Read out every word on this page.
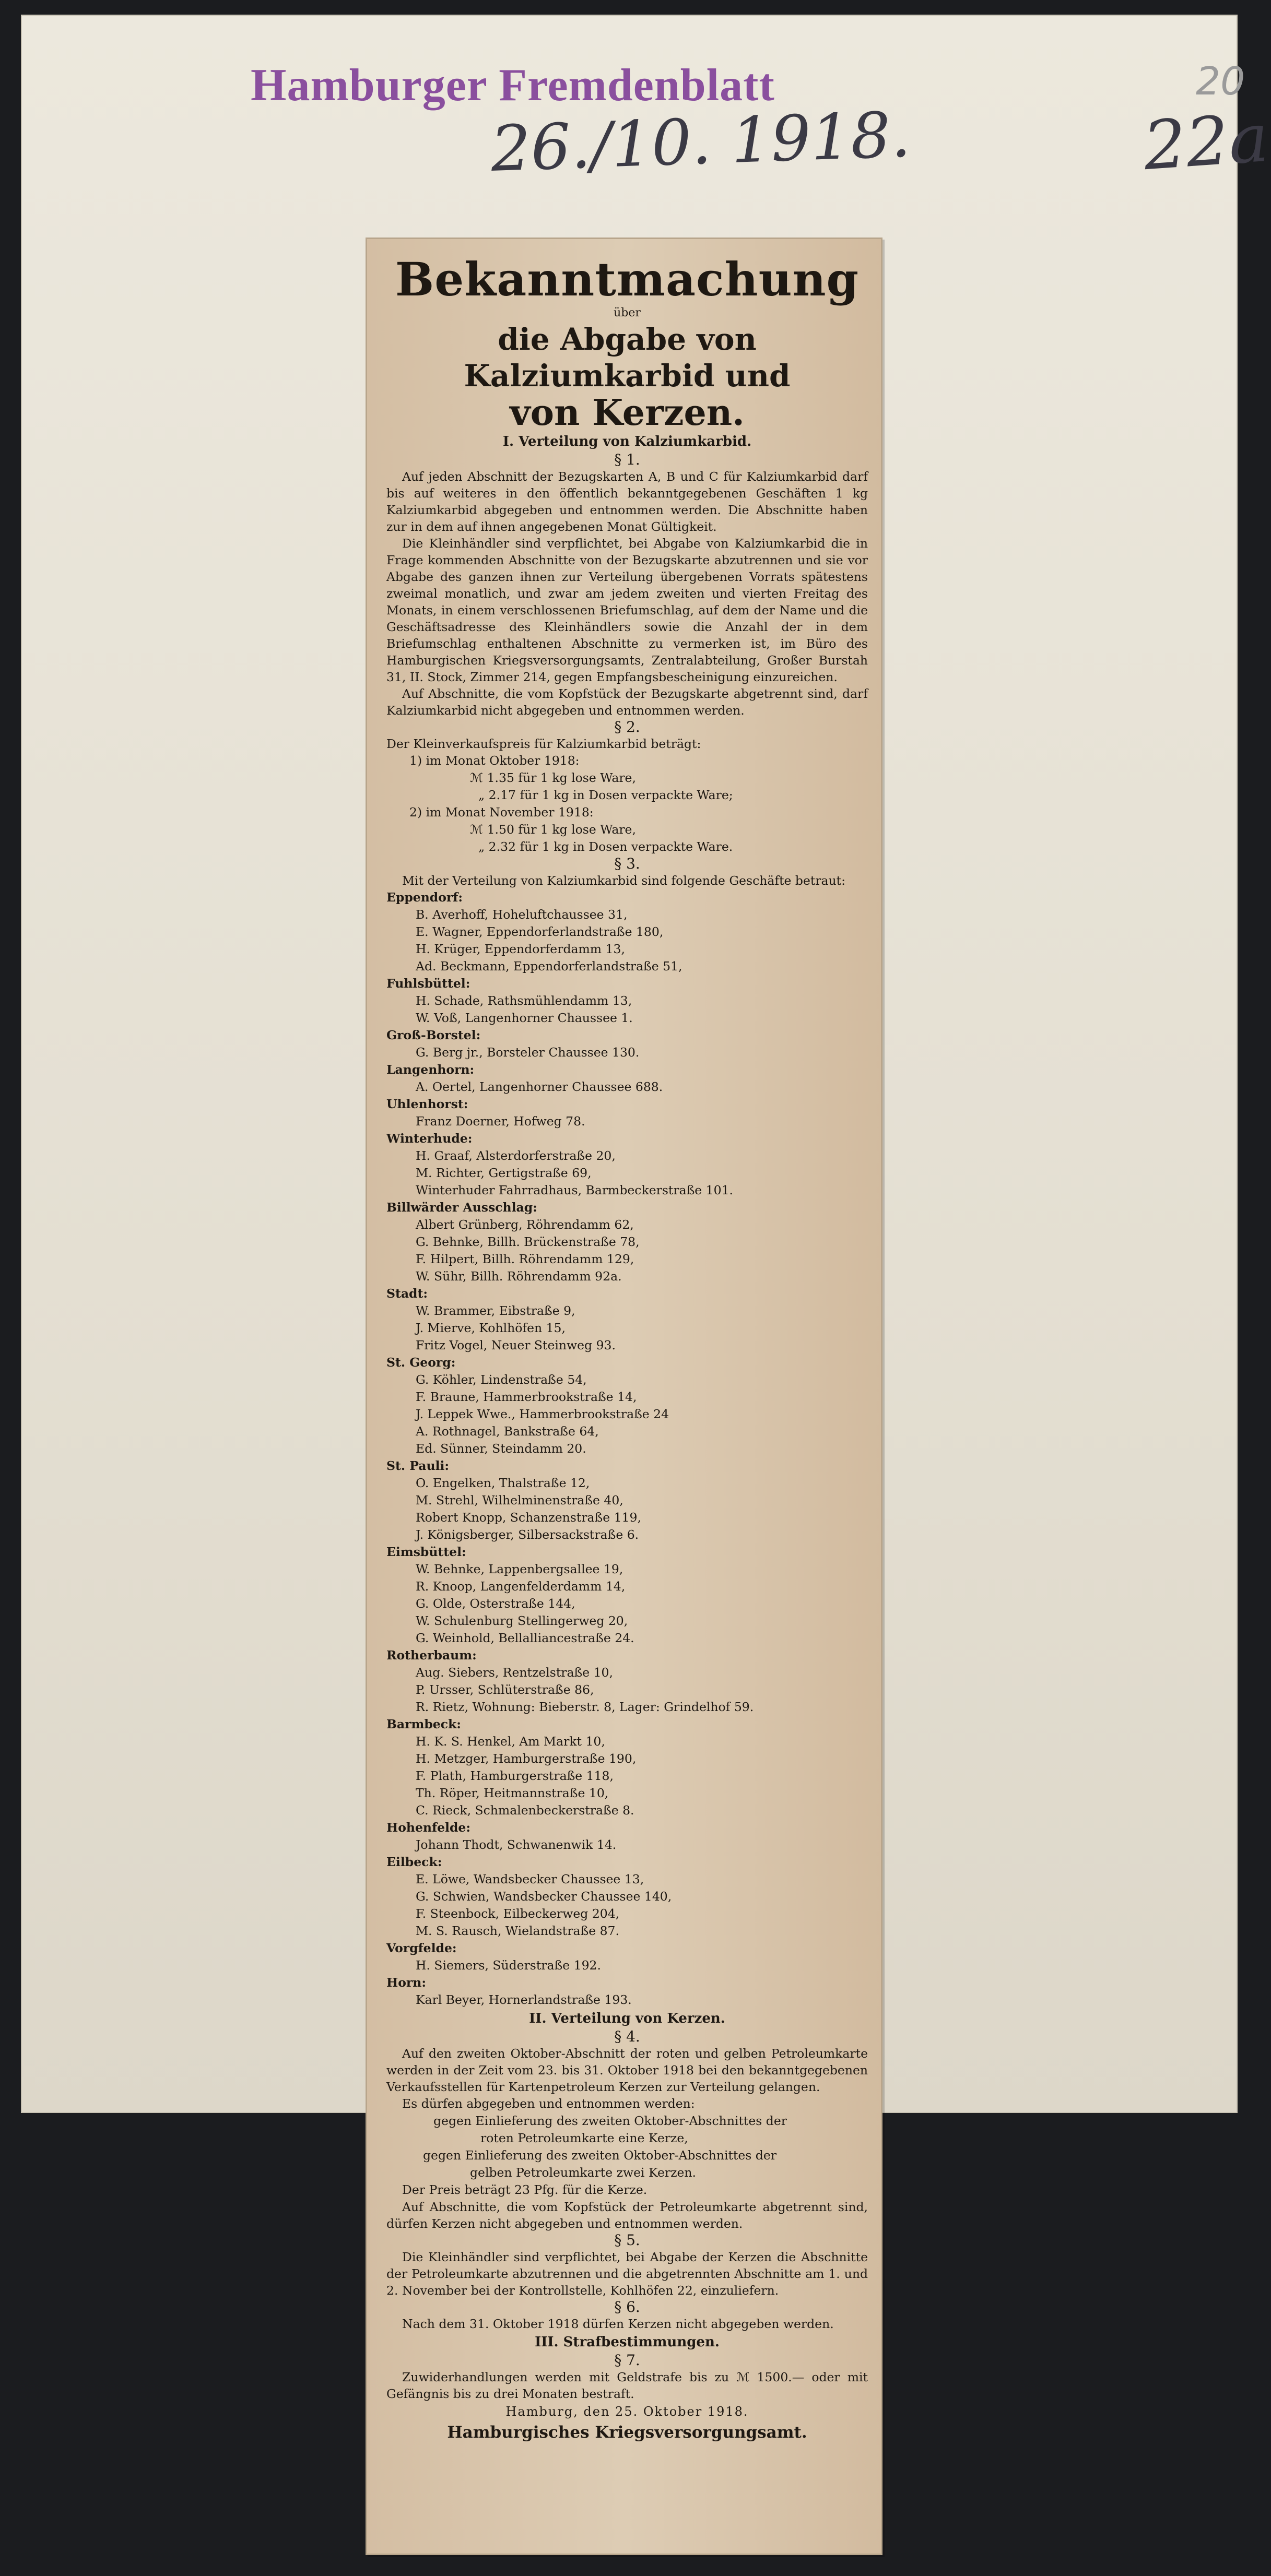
Hamburger Fremdenblatt
26./10. 1918.
20
22a
Bekanntmachung
über
die Abgabe von Kalziumkarbid und
von Kerzen.
I. Verteilung von Kalziumkarbid.
§ 1.

Auf jeden Abschnitt der Bezugskarten A, B und C für Kalziumkarbid darf bis auf weiteres in den öffentlich bekanntgegebenen Geschäften 1 kg Kalziumkarbid abgegeben und entnommen werden. Die Abschnitte haben zur in dem auf ihnen angegebenen Monat Gültigkeit.

Die Kleinhändler sind verpflichtet, bei Abgabe von Kalziumkarbid die in Frage kommenden Abschnitte von der Bezugskarte abzutrennen und sie vor Abgabe des ganzen ihnen zur Verteilung übergebenen Vorrats spätestens zweimal monatlich, und zwar am jedem zweiten und vierten Freitag des Monats, in einem verschlossenen Briefumschlag, auf dem der Name und die Geschäftsadresse des Kleinhändlers sowie die Anzahl der in dem Briefumschlag enthaltenen Abschnitte zu vermerken ist, im Büro des Hamburgischen Kriegsversorgungsamts, Zentralabteilung, Großer Burstah 31, II. Stock, Zimmer 214, gegen Empfangsbescheinigung einzureichen.

Auf Abschnitte, die vom Kopfstück der Bezugskarte abgetrennt sind, darf Kalziumkarbid nicht abgegeben und entnommen werden.

§ 2.

Der Kleinverkaufspreis für Kalziumkarbid beträgt:

1) im Monat Oktober 1918:
ℳ 1.35 für 1 kg lose Ware,
„ 2.17 für 1 kg in Dosen verpackte Ware;
2) im Monat November 1918:
ℳ 1.50 für 1 kg lose Ware,
„ 2.32 für 1 kg in Dosen verpackte Ware.
§ 3.

Mit der Verteilung von Kalziumkarbid sind folgende Geschäfte betraut:

Eppendorf:
B. Averhoff, Hoheluftchaussee 31,
E. Wagner, Eppendorferlandstraße 180,
H. Krüger, Eppendorferdamm 13,
Ad. Beckmann, Eppendorferlandstraße 51,
Fuhlsbüttel:
H. Schade, Rathsmühlendamm 13,
W. Voß, Langenhorner Chaussee 1.
Groß-Borstel:
G. Berg jr., Borsteler Chaussee 130.
Langenhorn:
A. Oertel, Langenhorner Chaussee 688.
Uhlenhorst:
Franz Doerner, Hofweg 78.
Winterhude:
H. Graaf, Alsterdorferstraße 20,
M. Richter, Gertigstraße 69,
Winterhuder Fahrradhaus, Barmbeckerstraße 101.
Billwärder Ausschlag:
Albert Grünberg, Röhrendamm 62,
G. Behnke, Billh. Brückenstraße 78,
F. Hilpert, Billh. Röhrendamm 129,
W. Sühr, Billh. Röhrendamm 92a.
Stadt:
W. Brammer, Eibstraße 9,
J. Mierve, Kohlhöfen 15,
Fritz Vogel, Neuer Steinweg 93.
St. Georg:
G. Köhler, Lindenstraße 54,
F. Braune, Hammerbrookstraße 14,
J. Leppek Wwe., Hammerbrookstraße 24
A. Rothnagel, Bankstraße 64,
Ed. Sünner, Steindamm 20.
St. Pauli:
O. Engelken, Thalstraße 12,
M. Strehl, Wilhelminenstraße 40,
Robert Knopp, Schanzenstraße 119,
J. Königsberger, Silbersackstraße 6.
Eimsbüttel:
W. Behnke, Lappenbergsallee 19,
R. Knoop, Langenfelderdamm 14,
G. Olde, Osterstraße 144,
W. Schulenburg Stellingerweg 20,
G. Weinhold, Bellalliancestraße 24.
Rotherbaum:
Aug. Siebers, Rentzelstraße 10,
P. Ursser, Schlüterstraße 86,
R. Rietz, Wohnung: Bieberstr. 8, Lager: Grindelhof 59.
Barmbeck:
H. K. S. Henkel, Am Markt 10,
H. Metzger, Hamburgerstraße 190,
F. Plath, Hamburgerstraße 118,
Th. Röper, Heitmannstraße 10,
C. Rieck, Schmalenbeckerstraße 8.
Hohenfelde:
Johann Thodt, Schwanenwik 14.
Eilbeck:
E. Löwe, Wandsbecker Chaussee 13,
G. Schwien, Wandsbecker Chaussee 140,
F. Steenbock, Eilbeckerweg 204,
M. S. Rausch, Wielandstraße 87.
Vorgfelde:
H. Siemers, Süderstraße 192.
Horn:
Karl Beyer, Hornerlandstraße 193.
II. Verteilung von Kerzen.
§ 4.

Auf den zweiten Oktober-Abschnitt der roten und gelben Petroleumkarte werden in der Zeit vom 23. bis 31. Oktober 1918 bei den bekanntgegebenen Verkaufsstellen für Kartenpetroleum Kerzen zur Verteilung gelangen.

Es dürfen abgegeben und entnommen werden:
gegen Einlieferung des zweiten Oktober-Abschnittes der
roten Petroleumkarte eine Kerze,
gegen Einlieferung des zweiten Oktober-Abschnittes der
gelben Petroleumkarte zwei Kerzen.
Der Preis beträgt 23 Pfg. für die Kerze.

Auf Abschnitte, die vom Kopfstück der Petroleumkarte abgetrennt sind, dürfen Kerzen nicht abgegeben und entnommen werden.

§ 5.

Die Kleinhändler sind verpflichtet, bei Abgabe der Kerzen die Abschnitte der Petroleumkarte abzutrennen und die abgetrennten Abschnitte am 1. und 2. November bei der Kontrollstelle, Kohlhöfen 22, einzuliefern.

§ 6.

Nach dem 31. Oktober 1918 dürfen Kerzen nicht abgegeben werden.

III. Strafbestimmungen.
§ 7.

Zuwiderhandlungen werden mit Geldstrafe bis zu ℳ 1500.— oder mit Gefängnis bis zu drei Monaten bestraft.

Hamburg, den 25. Oktober 1918.
Hamburgisches Kriegsversorgungsamt.
